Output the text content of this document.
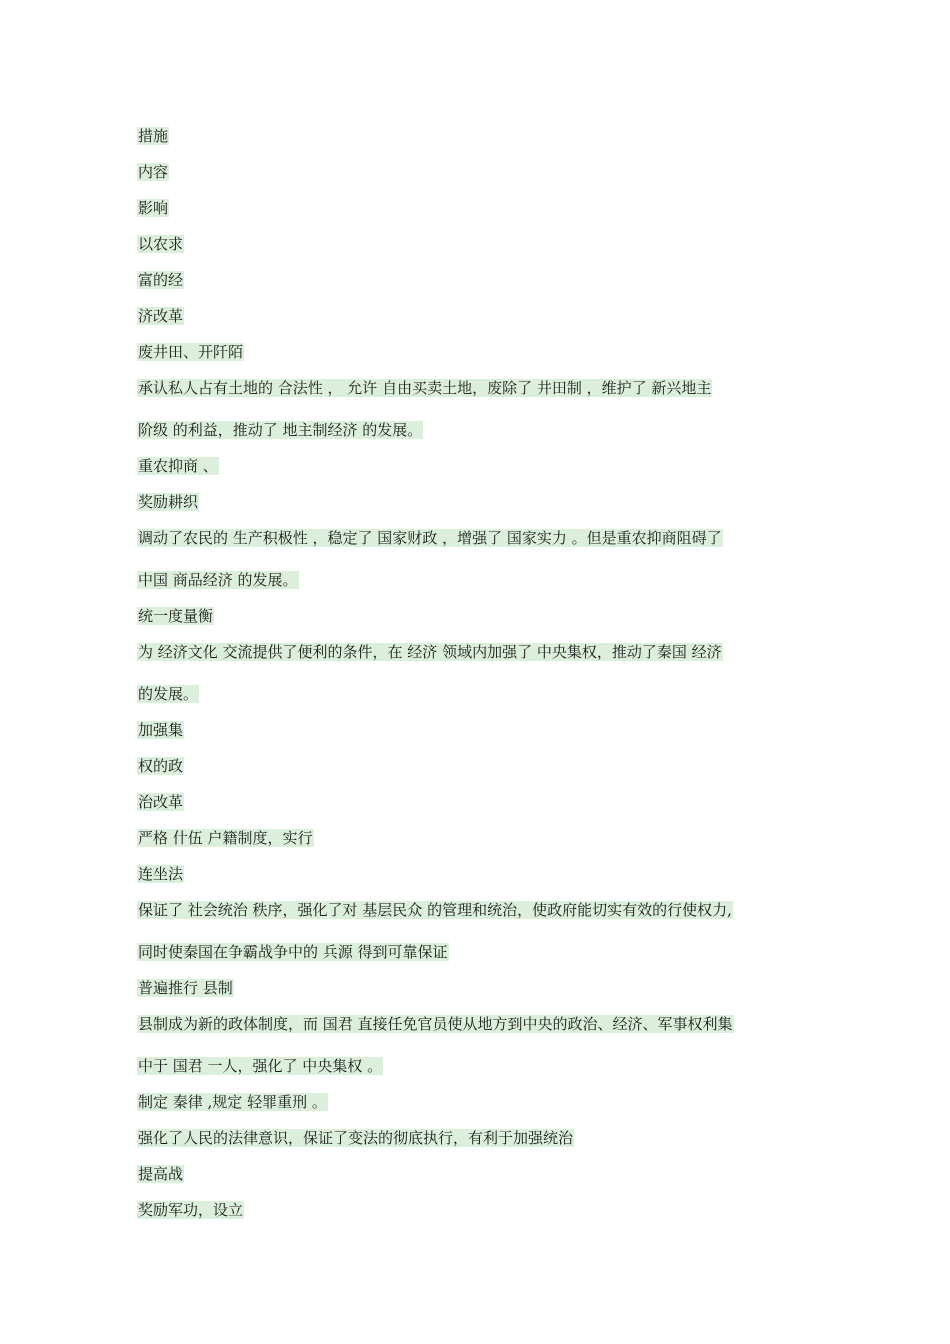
措施
内容
影响
以农求
富的经
济改革
废井田、开阡陌
承认私人占有土地的 合法性 ， 允许 自由买卖土地，废除了 井田制 ，维护了 新兴地主
阶级 的利益，推动了 地主制经济 的发展。
重农抑商 、
奖励耕织
调动了农民的 生产积极性 ，稳定了 国家财政 ，增强了 国家实力 。但是重农抑商阻碍了
中国 商品经济 的发展。
统一度量衡
为 经济文化 交流提供了便利的条件，在 经济 领域内加强了 中央集权，推动了秦国 经济
的发展。
加强集
权的政
治改革
严格 什伍 户籍制度，实行
连坐法
保证了 社会统治 秩序，强化了对 基层民众 的管理和统治，使政府能切实有效的行使权力,
同时使秦国在争霸战争中的 兵源 得到可靠保证
普遍推行 县制
县制成为新的政体制度，而 国君 直接任免官员使从地方到中央的政治、经济、军事权利集
中于 国君 一人，强化了 中央集权 。
制定 秦律 ,规定 轻罪重刑 。
强化了人民的法律意识，保证了变法的彻底执行，有利于加强统治
提高战
奖励军功，设立
